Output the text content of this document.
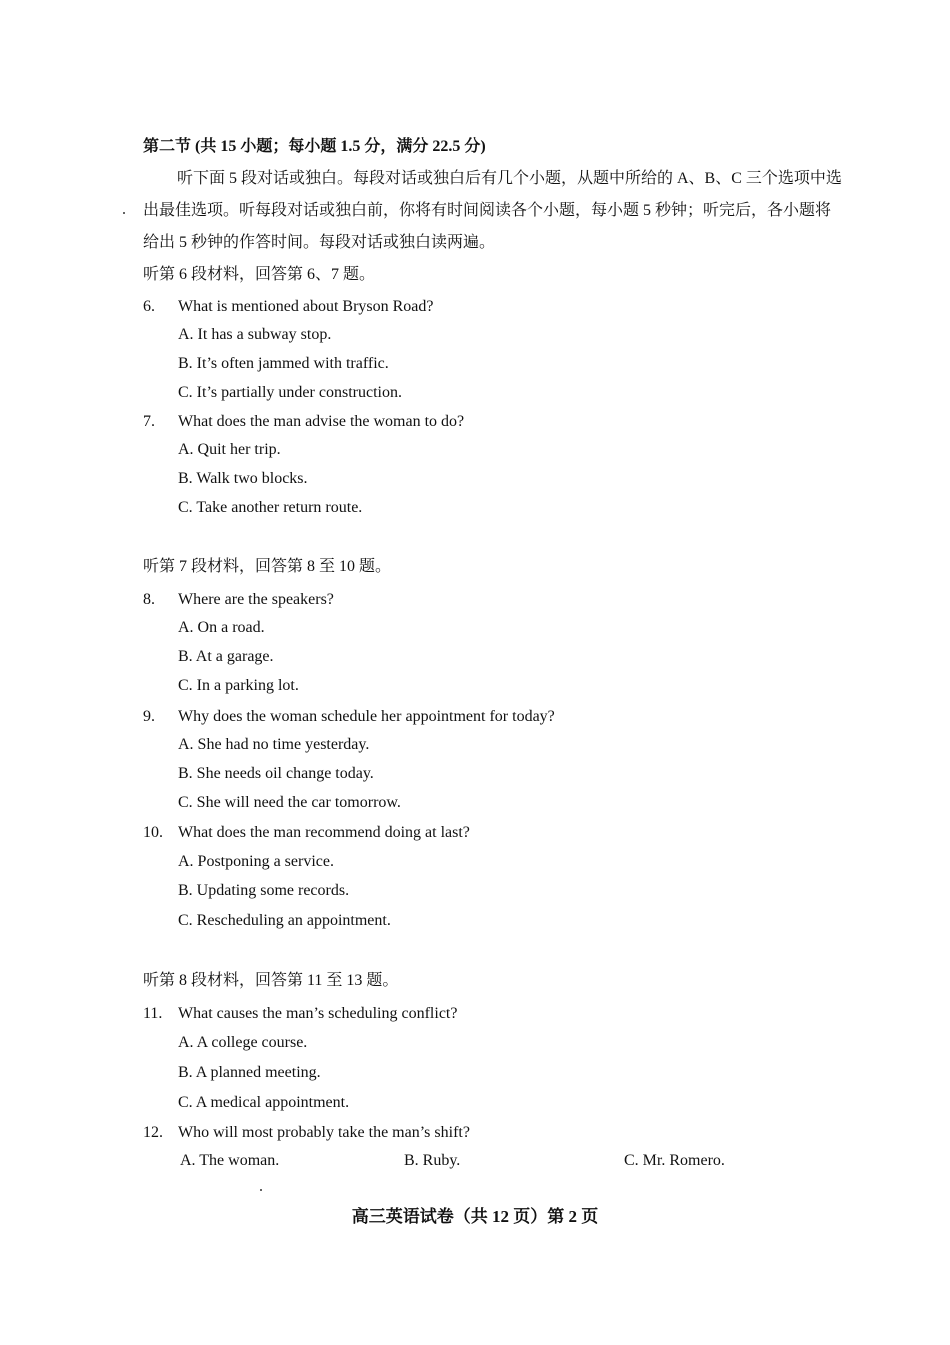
第二节 (共 15 小题；每小题 1.5 分，满分 22.5 分)
听下面 5 段对话或独白。每段对话或独白后有几个小题，从题中所给的 A、B、C 三个选项中选出最佳选项。听每段对话或独白前，你将有时间阅读各个小题，每小题 5 秒钟；听完后，各小题将给出 5 秒钟的作答时间。每段对话或独白读两遍。
听第 6 段材料，回答第 6、7 题。
6. What is mentioned about Bryson Road?
A. It has a subway stop.
B. It’s often jammed with traffic.
C. It’s partially under construction.
7. What does the man advise the woman to do?
A. Quit her trip.
B. Walk two blocks.
C. Take another return route.
听第 7 段材料，回答第 8 至 10 题。
8. Where are the speakers?
A. On a road.
B. At a garage.
C. In a parking lot.
9. Why does the woman schedule her appointment for today?
A. She had no time yesterday.
B. She needs oil change today.
C. She will need the car tomorrow.
10. What does the man recommend doing at last?
A. Postponing a service.
B. Updating some records.
C. Rescheduling an appointment.
听第 8 段材料，回答第 11 至 13 题。
11. What causes the man’s scheduling conflict?
A. A college course.
B. A planned meeting.
C. A medical appointment.
12. Who will most probably take the man’s shift?
A. The woman.	B. Ruby.	C. Mr. Romero.
高三英语试卷（共 12 页）第 2 页
